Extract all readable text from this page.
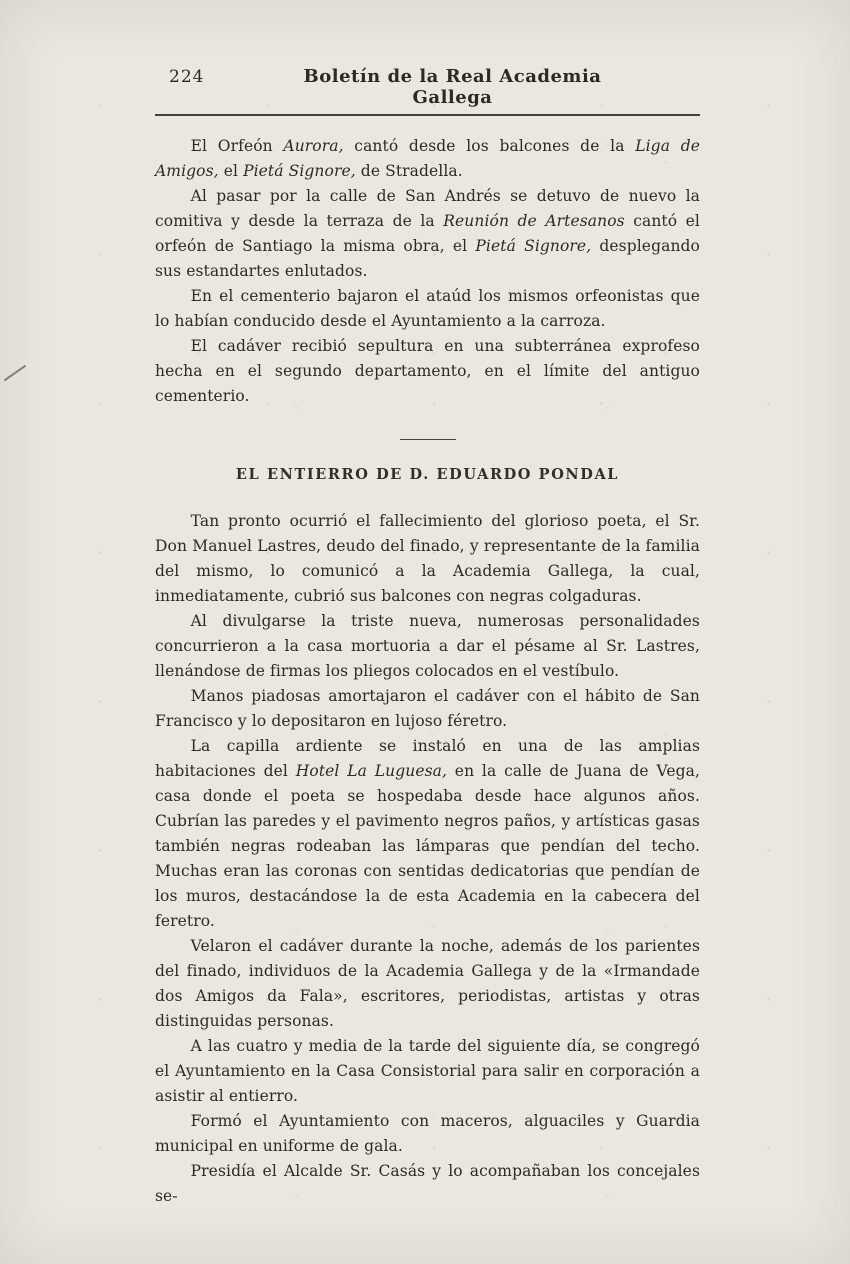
224	Boletín de la Real Academia Gallega

El Orfeón Aurora, cantó desde los balcones de la Liga de Amigos, el Pietá Signore, de Stradella.

Al pasar por la calle de San Andrés se detuvo de nuevo la comitiva y desde la terraza de la Reunión de Artesanos cantó el orfeón de Santiago la misma obra, el Pietá Signore, desplegando sus estandartes enlutados.

En el cementerio bajaron el ataúd los mismos orfeonistas que lo habían conducido desde el Ayuntamiento a la carroza.

El cadáver recibió sepultura en una subterránea exprofeso hecha en el segundo departamento, en el límite del antiguo cementerio.

EL ENTIERRO DE D. EDUARDO PONDAL

Tan pronto ocurrió el fallecimiento del glorioso poeta, el Sr. Don Manuel Lastres, deudo del finado, y representante de la familia del mismo, lo comunicó a la Academia Gallega, la cual, inmediatamente, cubrió sus balcones con negras colgaduras.

Al divulgarse la triste nueva, numerosas personalidades concurrieron a la casa mortuoria a dar el pésame al Sr. Lastres, llenándose de firmas los pliegos colocados en el vestíbulo.

Manos piadosas amortajaron el cadáver con el hábito de San Francisco y lo depositaron en lujoso féretro.

La capilla ardiente se instaló en una de las amplias habitaciones del Hotel La Luguesa, en la calle de Juana de Vega, casa donde el poeta se hospedaba desde hace algunos años. Cubrían las paredes y el pavimento negros paños, y artísticas gasas también negras rodeaban las lámparas que pendían del techo. Muchas eran las coronas con sentidas dedicatorias que pendían de los muros, destacándose la de esta Academia en la cabecera del feretro.

Velaron el cadáver durante la noche, además de los parientes del finado, individuos de la Academia Gallega y de la «Irmandade dos Amigos da Fala», escritores, periodistas, artistas y otras distinguidas personas.

A las cuatro y media de la tarde del siguiente día, se congregó el Ayuntamiento en la Casa Consistorial para salir en corporación a asistir al entierro.

Formó el Ayuntamiento con maceros, alguaciles y Guardia municipal en uniforme de gala.

Presidía el Alcalde Sr. Casás y lo acompañaban los concejales se-
